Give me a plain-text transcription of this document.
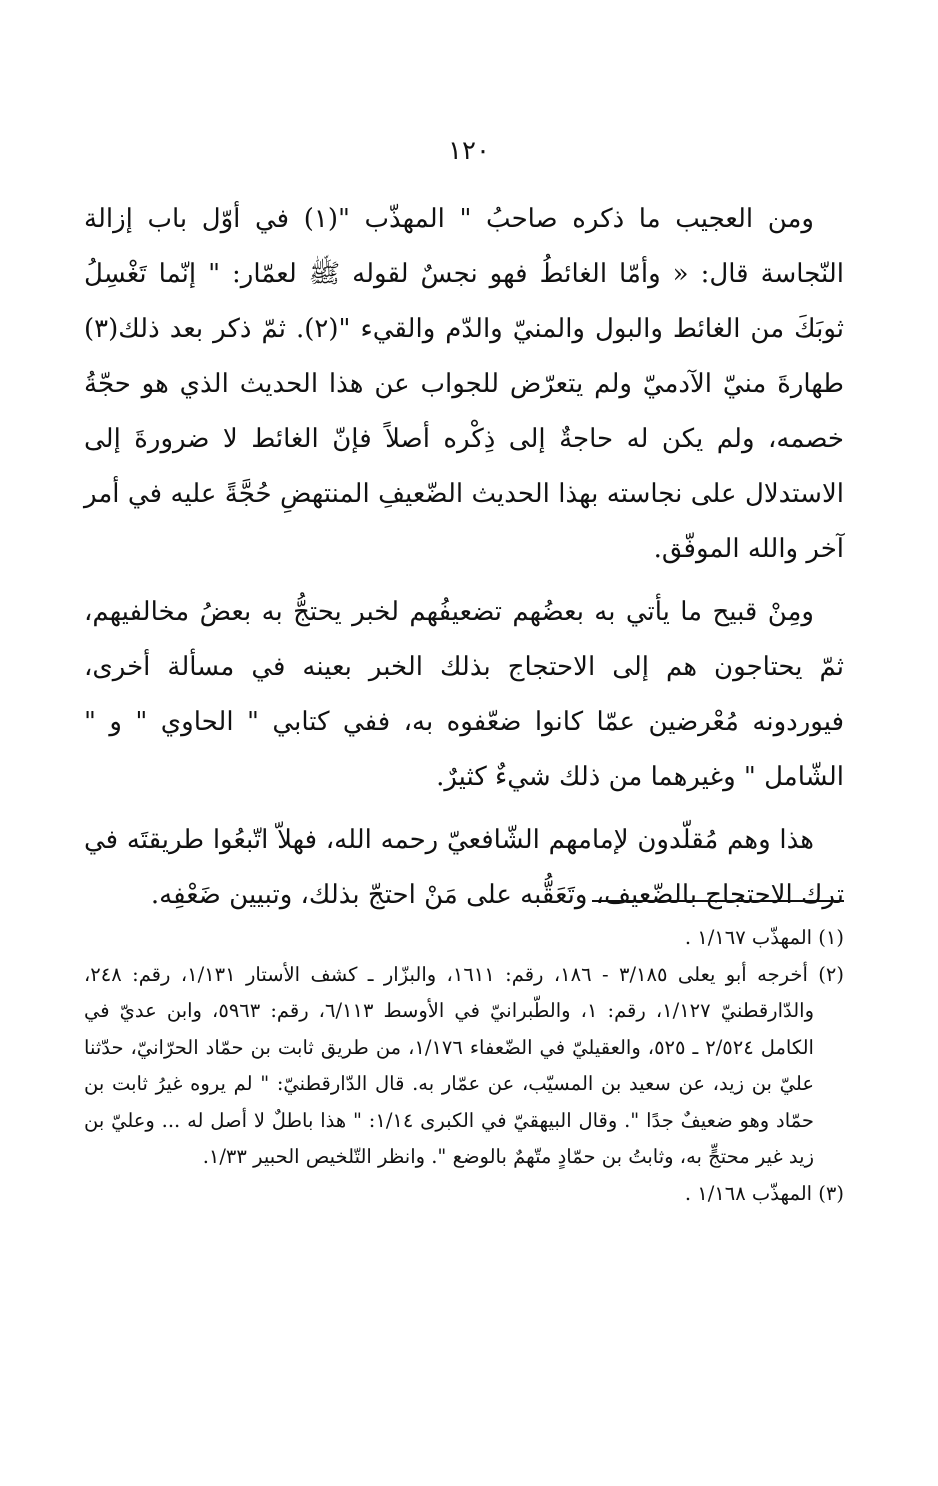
١٢٠

ومن العجيب ما ذكره صاحبُ " المهذّب "(١) في أوّل باب إزالة النّجاسة قال: « وأمّا الغائطُ فهو نجسٌ لقوله ﷺ لعمّار: " إنّما تَغْسِلُ ثوبَكَ من الغائط والبول والمنيّ والدّم والقيء "(٢). ثمّ ذكر بعد ذلك(٣) طهارةَ منيّ الآدميّ ولم يتعرّض للجواب عن هذا الحديث الذي هو حجّةُ خصمه، ولم يكن له حاجةٌ إلى ذِكْره أصلاً فإنّ الغائط لا ضرورةَ إلى الاستدلال على نجاسته بهذا الحديث الضّعيفِ المنتهضِ حُجَّةً عليه في أمر آخر والله الموفّق.

ومِنْ قبيح ما يأتي به بعضُهم تضعيفُهم لخبر يحتجُّ به بعضُ مخالفيهم، ثمّ يحتاجون هم إلى الاحتجاج بذلك الخبر بعينه في مسألة أخرى، فيوردونه مُعْرضين عمّا كانوا ضعّفوه به، ففي كتابي " الحاوي " و " الشّامل " وغيرهما من ذلك شيءٌ كثيرٌ.

هذا وهم مُقلّدون لإمامهم الشّافعيّ رحمه الله، فهلاّ اتّبعُوا طريقتَه في ترك الاحتجاج بالضّعيف، وتَعَقُّبه على مَنْ احتجّ بذلك، وتبيين ضَعْفِه.

(١) المهذّب ١/١٦٧ .

(٢) أخرجه أبو يعلى ٣/١٨٥ - ١٨٦، رقم: ١٦١١، والبزّار ـ كشف الأستار ١/١٣١، رقم: ٢٤٨، والدّارقطنيّ ١/١٢٧، رقم: ١، والطّبرانيّ في الأوسط ٦/١١٣، رقم: ٥٩٦٣، وابن عديّ في الكامل ٢/٥٢٤ ـ ٥٢٥، والعقيليّ في الضّعفاء ١/١٧٦، من طريق ثابت بن حمّاد الحرّانيّ، حدّثنا عليّ بن زيد، عن سعيد بن المسيّب، عن عمّار به. قال الدّارقطنيّ: " لم يروه غيرُ ثابت بن حمّاد وهو ضعيفٌ جدًا ". وقال البيهقيّ في الكبرى ١/١٤: " هذا باطلٌ لا أصل له ... وعليّ بن زيد غير محتجٍّ به، وثابتُ بن حمّادٍ متّهمٌ بالوضع ". وانظر التّلخيص الحبير ١/٣٣.

(٣) المهذّب ١/١٦٨ .
